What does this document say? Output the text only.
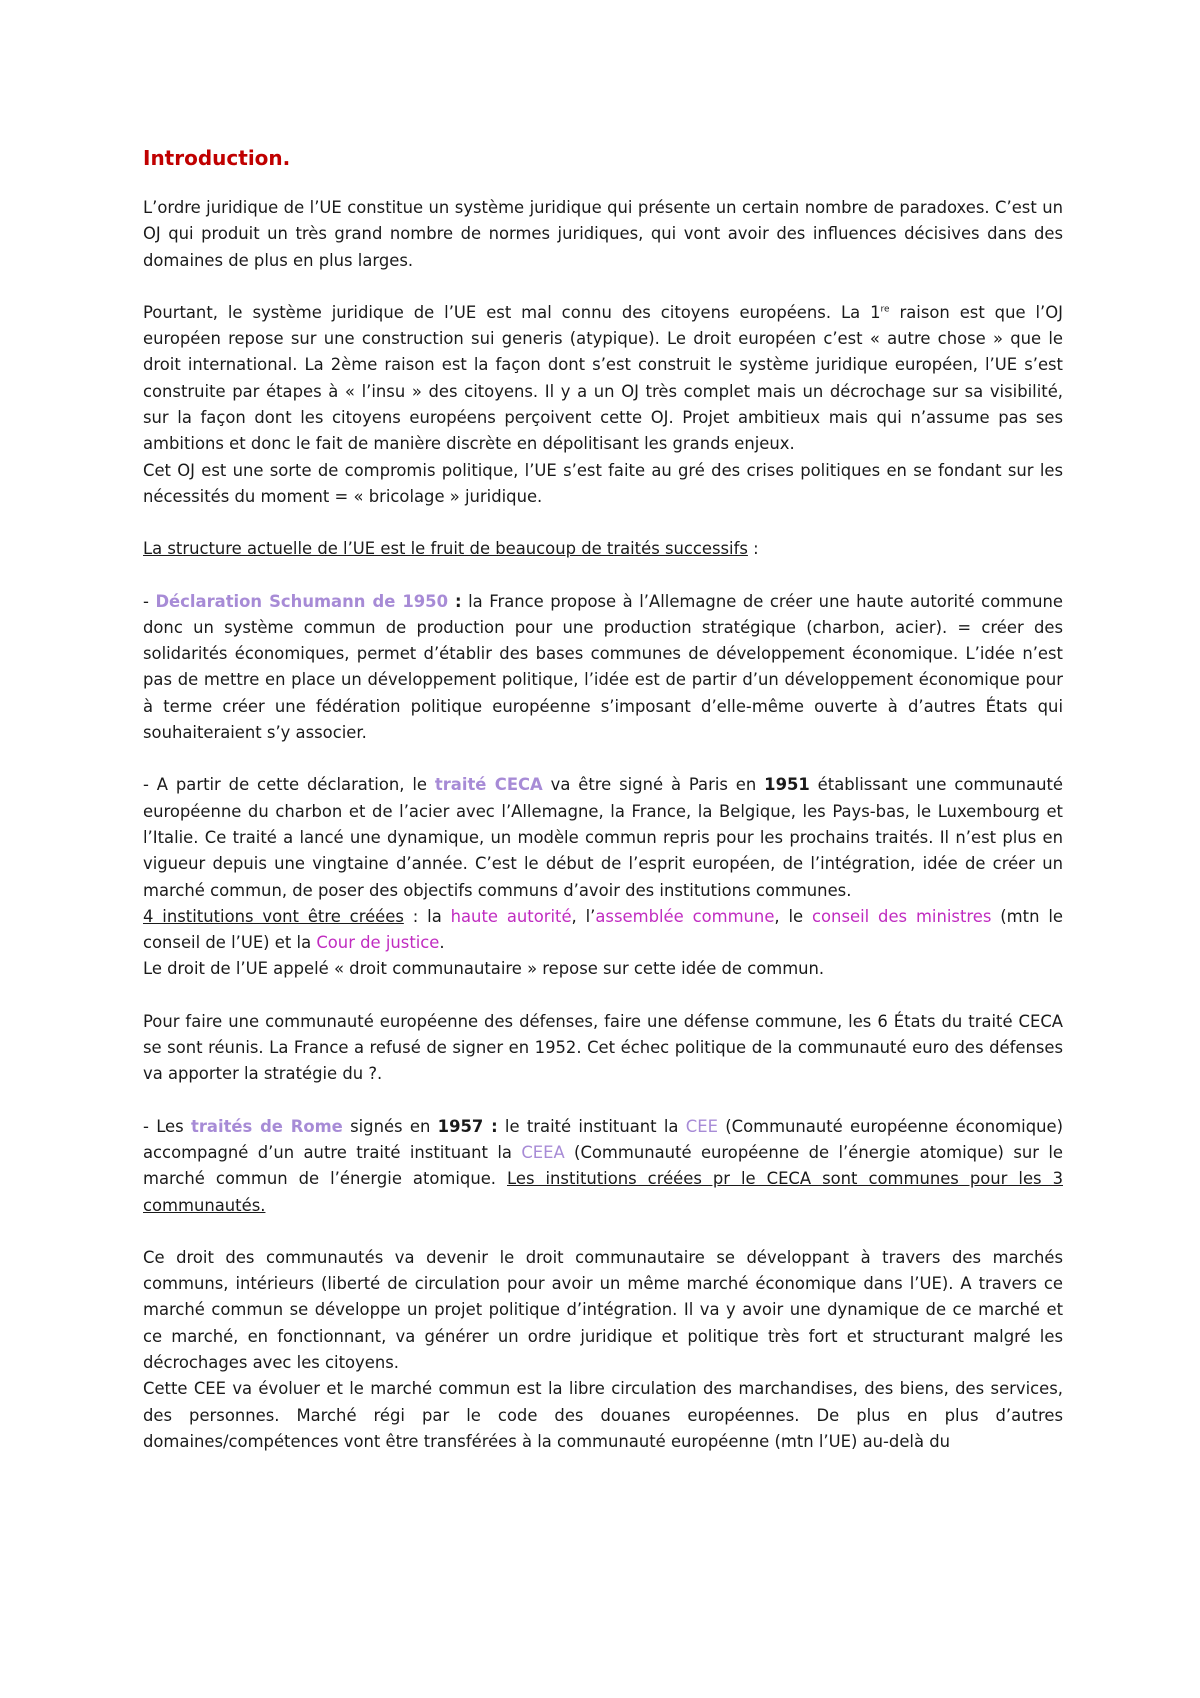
Introduction.

L’ordre juridique de l’UE constitue un système juridique qui présente un certain nombre de paradoxes. C’est un OJ qui produit un très grand nombre de normes juridiques, qui vont avoir des influences décisives dans des domaines de plus en plus larges.

Pourtant, le système juridique de l’UE est mal connu des citoyens européens. La 1re raison est que l’OJ européen repose sur une construction sui generis (atypique). Le droit européen c’est « autre chose » que le droit international. La 2ème raison est la façon dont s’est construit le système juridique européen, l’UE s’est construite par étapes à « l’insu » des citoyens. Il y a un OJ très complet mais un décrochage sur sa visibilité, sur la façon dont les citoyens européens perçoivent cette OJ. Projet ambitieux mais qui n’assume pas ses ambitions et donc le fait de manière discrète en dépolitisant les grands enjeux.

Cet OJ est une sorte de compromis politique, l’UE s’est faite au gré des crises politiques en se fondant sur les nécessités du moment = « bricolage » juridique.

La structure actuelle de l’UE est le fruit de beaucoup de traités successifs :

- Déclaration Schumann de 1950 : la France propose à l’Allemagne de créer une haute autorité commune donc un système commun de production pour une production stratégique (charbon, acier). = créer des solidarités économiques, permet d’établir des bases communes de développement économique. L’idée n’est pas de mettre en place un développement politique, l’idée est de partir d’un développement économique pour à terme créer une fédération politique européenne s’imposant d’elle-même ouverte à d’autres États qui souhaiteraient s’y associer.

- A partir de cette déclaration, le traité CECA va être signé à Paris en 1951 établissant une communauté européenne du charbon et de l’acier avec l’Allemagne, la France, la Belgique, les Pays-bas, le Luxembourg et l’Italie. Ce traité a lancé une dynamique, un modèle commun repris pour les prochains traités. Il n’est plus en vigueur depuis une vingtaine d’année. C’est le début de l’esprit européen, de l’intégration, idée de créer un marché commun, de poser des objectifs communs d’avoir des institutions communes.

4 institutions vont être créées : la haute autorité, l’assemblée commune, le conseil des ministres (mtn le conseil de l’UE) et la Cour de justice.

Le droit de l’UE appelé « droit communautaire » repose sur cette idée de commun.

Pour faire une communauté européenne des défenses, faire une défense commune, les 6 États du traité CECA se sont réunis. La France a refusé de signer en 1952. Cet échec politique de la communauté euro des défenses va apporter la stratégie du ?.

- Les traités de Rome signés en 1957 : le traité instituant la CEE (Communauté européenne économique) accompagné d’un autre traité instituant la CEEA (Communauté européenne de l’énergie atomique) sur le marché commun de l’énergie atomique. Les institutions créées pr le CECA sont communes pour les 3 communautés.

Ce droit des communautés va devenir le droit communautaire se développant à travers des marchés communs, intérieurs (liberté de circulation pour avoir un même marché économique dans l’UE). A travers ce marché commun se développe un projet politique d’intégration. Il va y avoir une dynamique de ce marché et ce marché, en fonctionnant, va générer un ordre juridique et politique très fort et structurant malgré les décrochages avec les citoyens.

Cette CEE va évoluer et le marché commun est la libre circulation des marchandises, des biens, des services, des personnes. Marché régi par le code des douanes européennes. De plus en plus d’autres domaines/compétences vont être transférées à la communauté européenne (mtn l’UE) au-delà du
